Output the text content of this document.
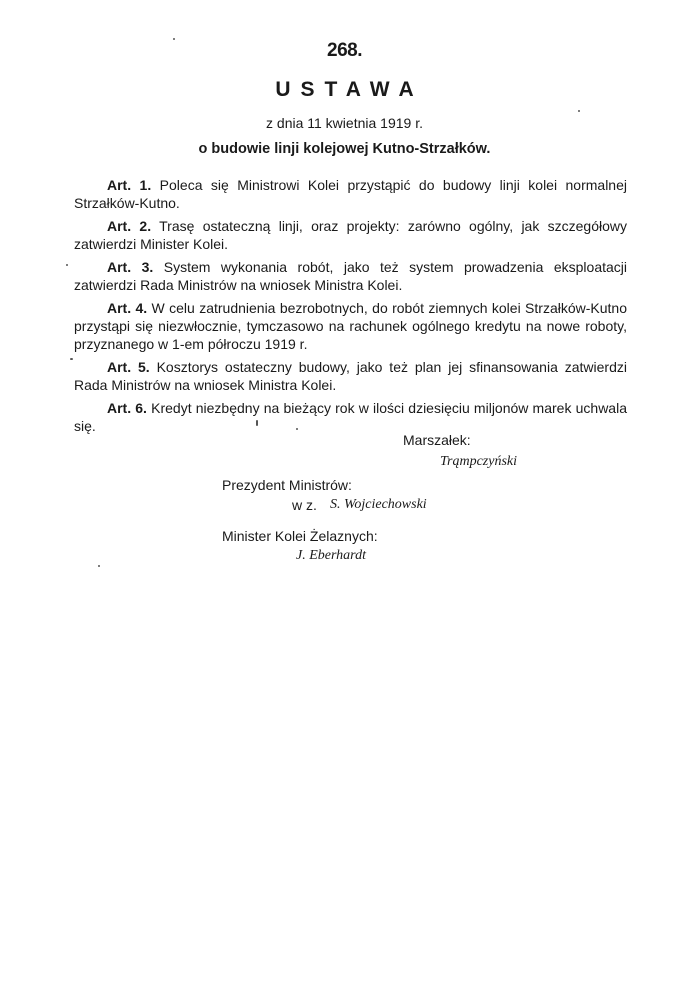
268.
USTAWA
z dnia 11 kwietnia 1919 r.
o budowie linji kolejowej Kutno-Strzałków.

Art. 1. Poleca się Ministrowi Kolei przystąpić do budowy linji kolei normalnej Strzałków-Kutno.

Art. 2. Trasę ostateczną linji, oraz projekty: zarówno ogólny, jak szczegółowy zatwierdzi Minister Kolei.

Art. 3. System wykonania robót, jako też system prowadzenia eksploatacji zatwierdzi Rada Ministrów na wniosek Ministra Kolei.

Art. 4. W celu zatrudnienia bezrobotnych, do robót ziemnych kolei Strzałków-Kutno przystąpi się niezwłocznie, tymczasowo na rachunek ogólnego kredytu na nowe roboty, przyznanego w 1-em półroczu 1919 r.

Art. 5. Kosztorys ostateczny budowy, jako też plan jej sfinansowania zatwierdzi Rada Ministrów na wniosek Ministra Kolei.

Art. 6. Kredyt niezbędny na bieżący rok w ilości dziesięciu miljonów marek uchwala się.

Marszałek:
Trąmpczyński
Prezydent Ministrów:
w z. S. Wojciechowski
Minister Kolei Żelaznych:
J. Eberhardt
